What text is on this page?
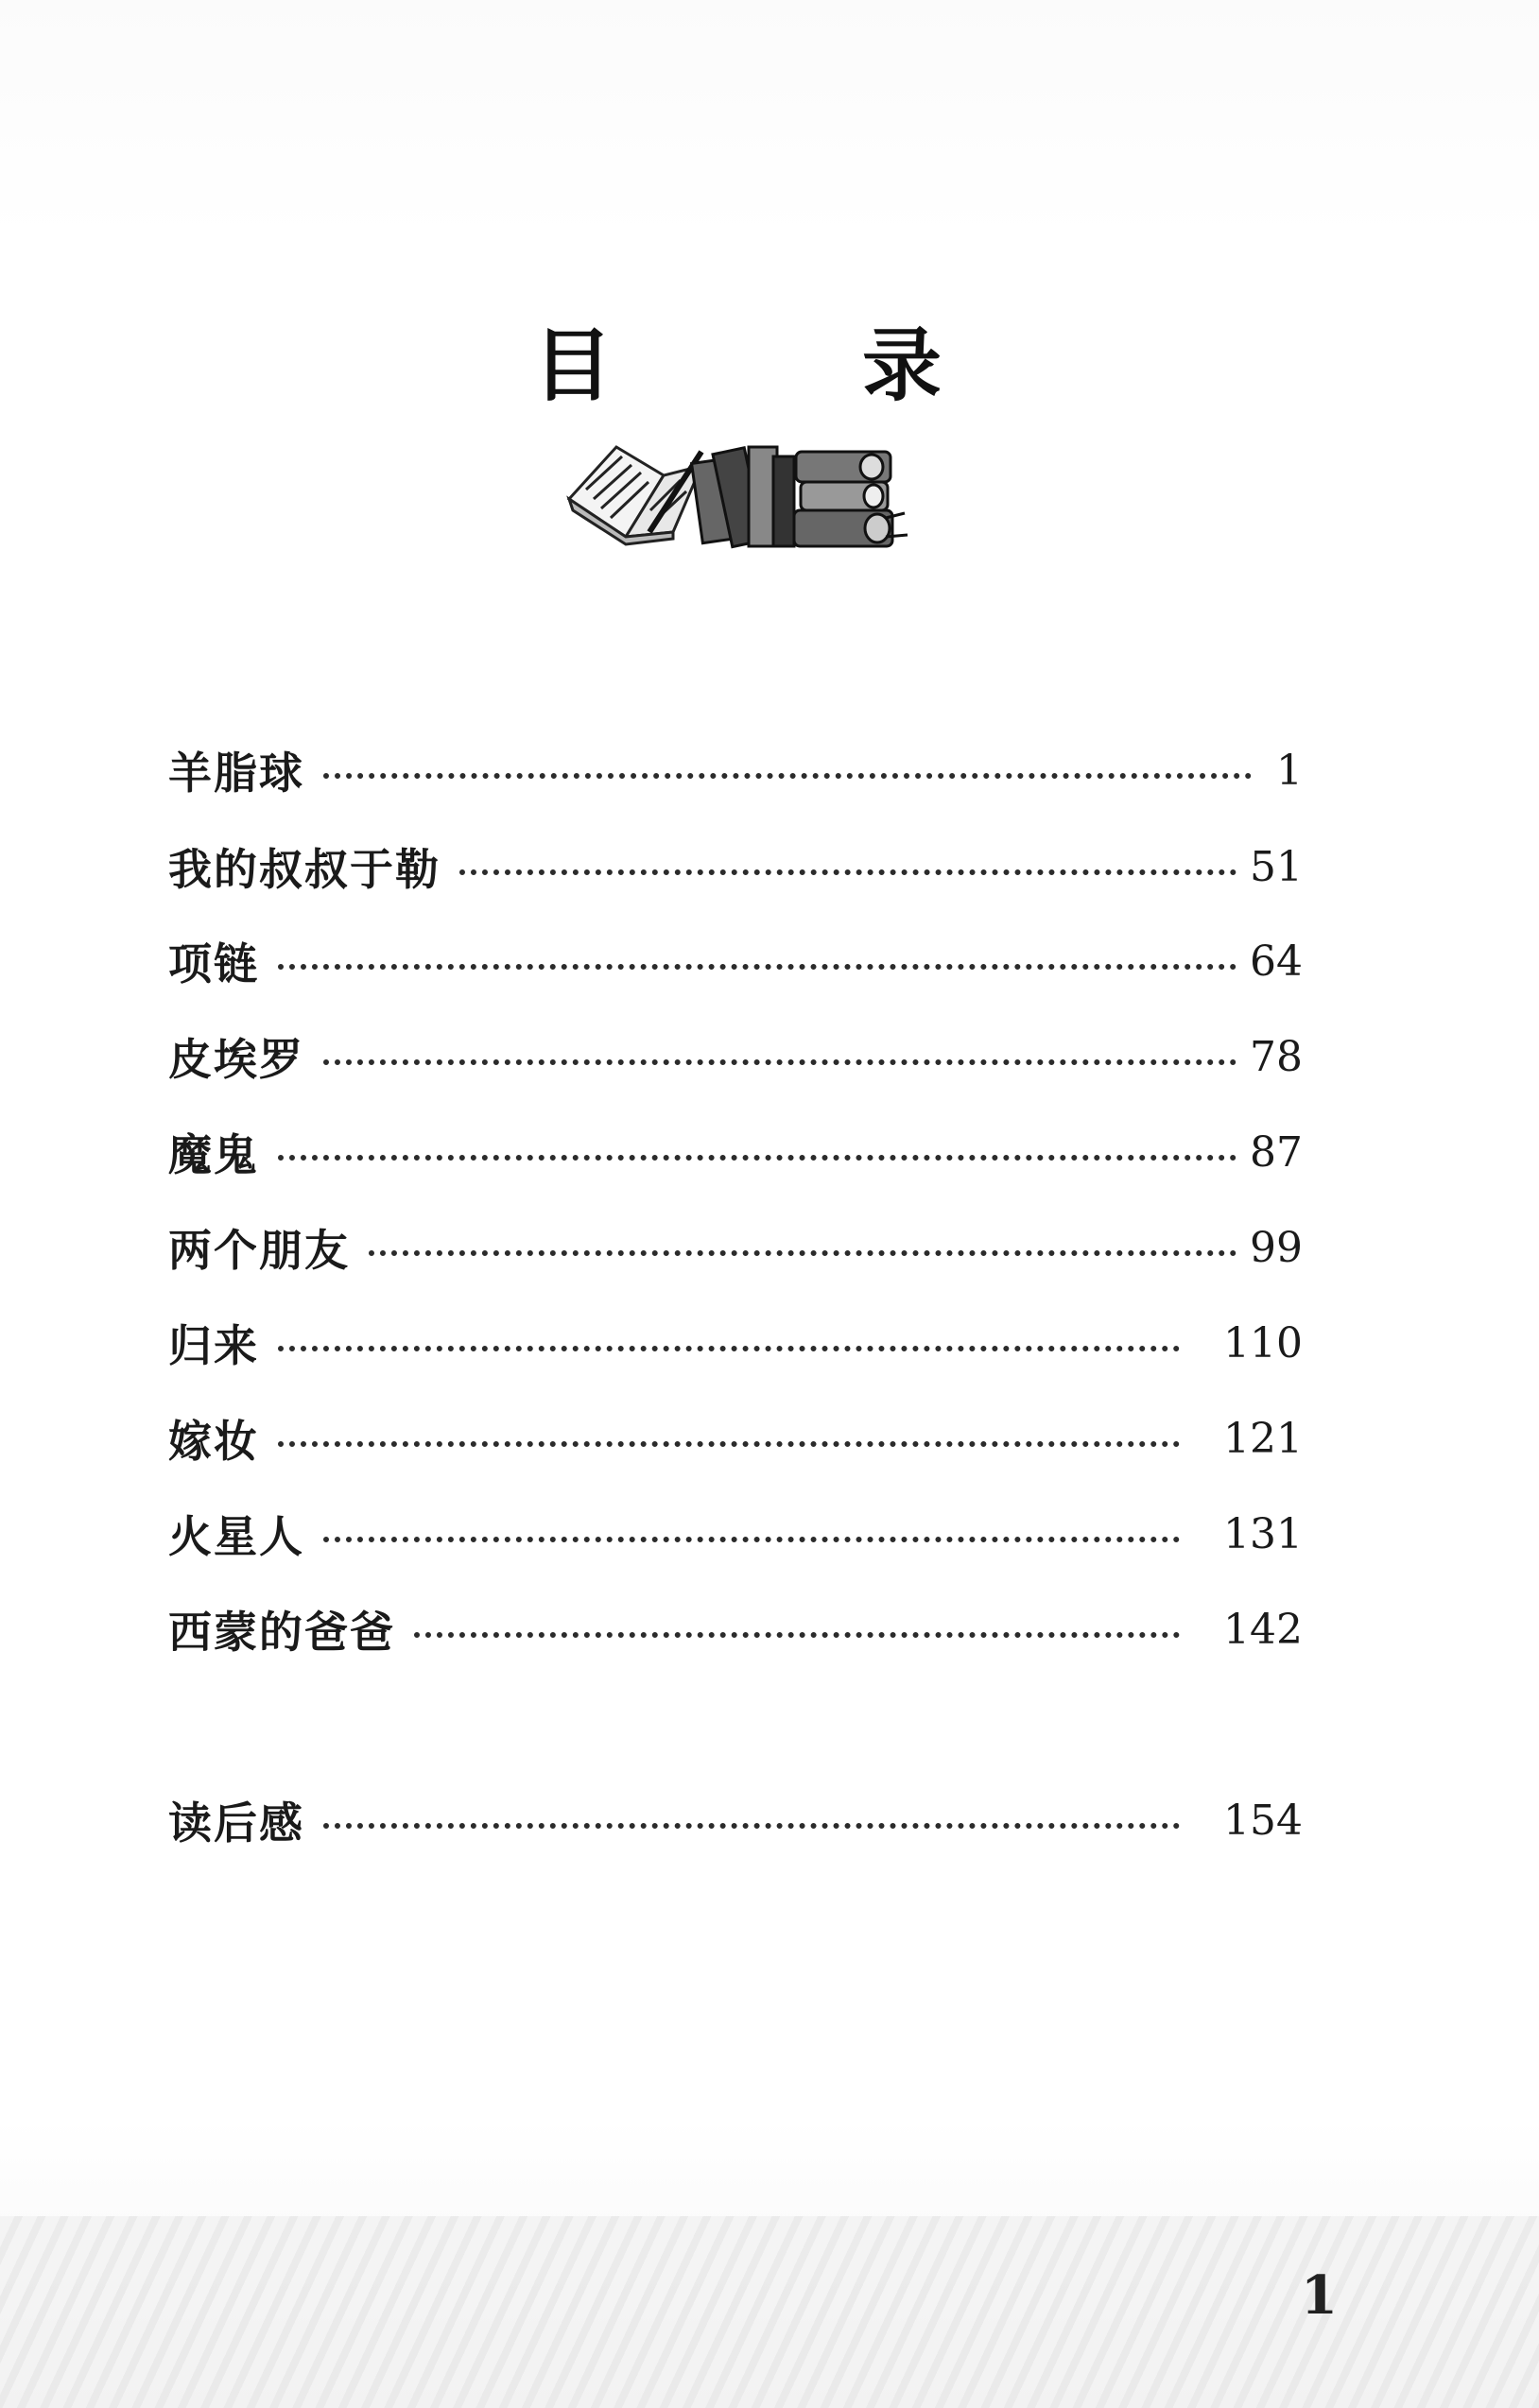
目　录
羊脂球	1
我的叔叔于勒	51
项链	64
皮埃罗	78
魔鬼	87
两个朋友	99
归来	110
嫁妆	121
火星人	131
西蒙的爸爸	142
读后感	154
1
